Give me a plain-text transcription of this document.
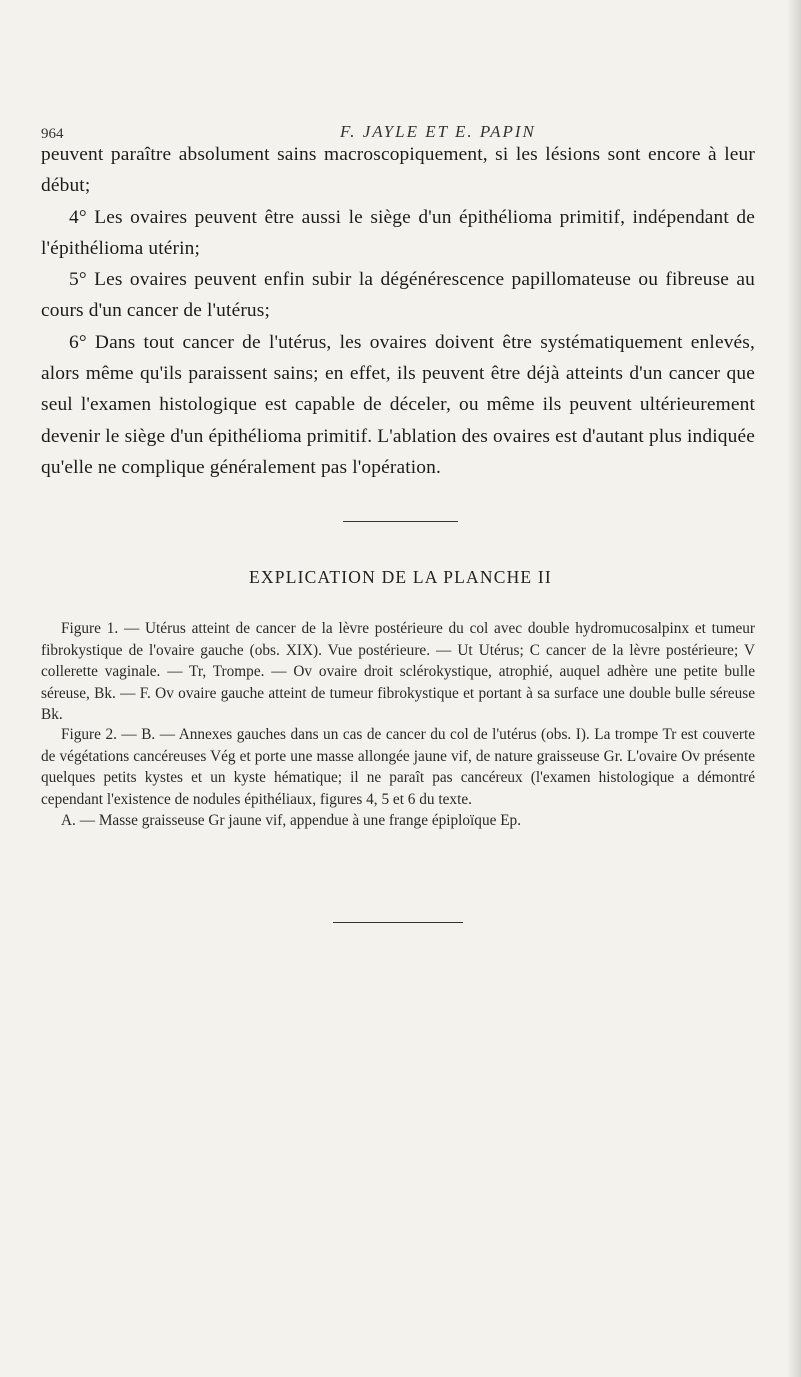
964	F. JAYLE ET E. PAPIN

peuvent paraître absolument sains macroscopiquement, si les lésions sont encore à leur début;

4° Les ovaires peuvent être aussi le siège d'un épithélioma primitif, indépendant de l'épithélioma utérin;

5° Les ovaires peuvent enfin subir la dégénérescence papillomateuse ou fibreuse au cours d'un cancer de l'utérus;

6° Dans tout cancer de l'utérus, les ovaires doivent être systématiquement enlevés, alors même qu'ils paraissent sains; en effet, ils peuvent être déjà atteints d'un cancer que seul l'examen histologique est capable de déceler, ou même ils peuvent ultérieurement devenir le siège d'un épithélioma primitif. L'ablation des ovaires est d'autant plus indiquée qu'elle ne complique généralement pas l'opération.

EXPLICATION DE LA PLANCHE II

Figure 1. — Utérus atteint de cancer de la lèvre postérieure du col avec double hydromucosalpinx et tumeur fibrokystique de l'ovaire gauche (obs. XIX). Vue postérieure. — Ut Utérus; C cancer de la lèvre postérieure; V collerette vaginale. — Tr, Trompe. — Ov ovaire droit sclérokystique, atrophié, auquel adhère une petite bulle séreuse, Bk. — F. Ov ovaire gauche atteint de tumeur fibrokystique et portant à sa surface une double bulle séreuse Bk.

Figure 2. — B. — Annexes gauches dans un cas de cancer du col de l'utérus (obs. I). La trompe Tr est couverte de végétations cancéreuses Vég et porte une masse allongée jaune vif, de nature graisseuse Gr. L'ovaire Ov présente quelques petits kystes et un kyste hématique; il ne paraît pas cancéreux (l'examen histologique a démontré cependant l'existence de nodules épithéliaux, figures 4, 5 et 6 du texte.

A. — Masse graisseuse Gr jaune vif, appendue à une frange épiploïque Ep.
